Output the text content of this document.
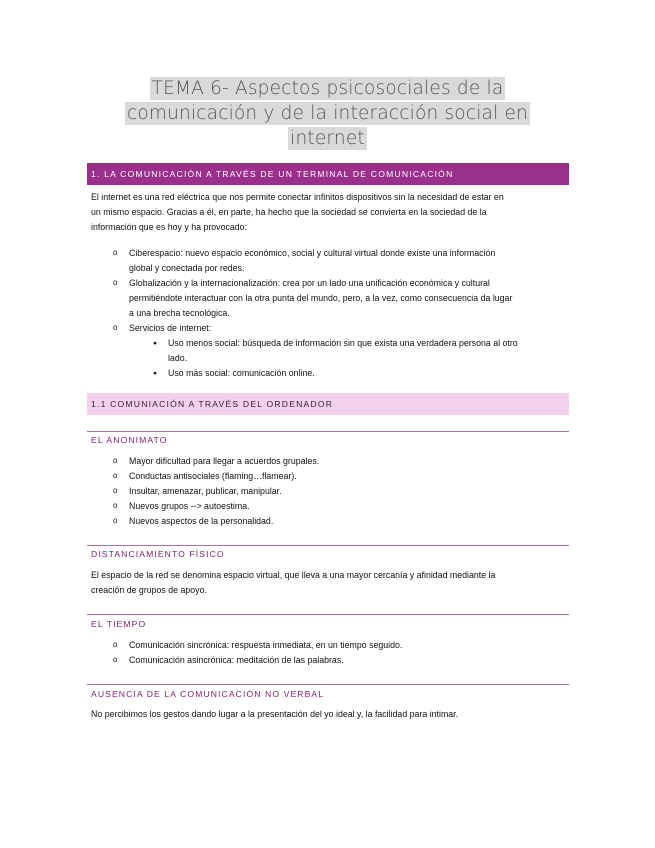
TEMA 6- Aspectos psicosociales de la
comunicación y de la interacción social en
internet
1. LA COMUNICACIÓN A TRAVÉS DE UN TERMINAL DE COMUNICACIÓN
El internet es una red eléctrica que nos permite conectar infinitos dispositivos sin la necesidad de estar en
un mismo espacio. Gracias a él, en parte, ha hecho que la sociedad se convierta en la sociedad de la
información que es hoy y ha provocado:
o Ciberespacio: nuevo espacio económico, social y cultural virtual donde existe una información
global y conectada por redes.
o Globalización y la internacionalización: crea por un lado una unificación económica y cultural
permitiéndote interactuar con la otra punta del mundo, pero, a la vez, como consecuencia da lugar
a una brecha tecnológica.
o Servicios de internet:
● Uso menos social: búsqueda de información sin que exista una verdadera persona al otro
lado.
● Uso más social: comunicación online.
1.1 COMUNIACIÓN A TRAVÉS DEL ORDENADOR
EL ANONIMATO
o Mayor dificultad para llegar a acuerdos grupales.
o Conductas antisociales (flaming…flamear).
o Insultar, amenazar, publicar, manipular.
o Nuevos grupos --> autoestima.
o Nuevos aspectos de la personalidad.
DISTANCIAMIENTO FÍSICO
El espacio de la red se denomina espacio virtual, que lleva a una mayor cercanía y afinidad mediante la
creación de grupos de apoyo.
EL TIEMPO
o Comunicación sincrónica: respuesta inmediata, en un tiempo seguido.
o Comunicación asincrónica: meditación de las palabras.
AUSENCIA DE LA COMUNICACIÓN NO VERBAL
No percibimos los gestos dando lugar a la presentación del yo ideal y, la facilidad para intimar.
